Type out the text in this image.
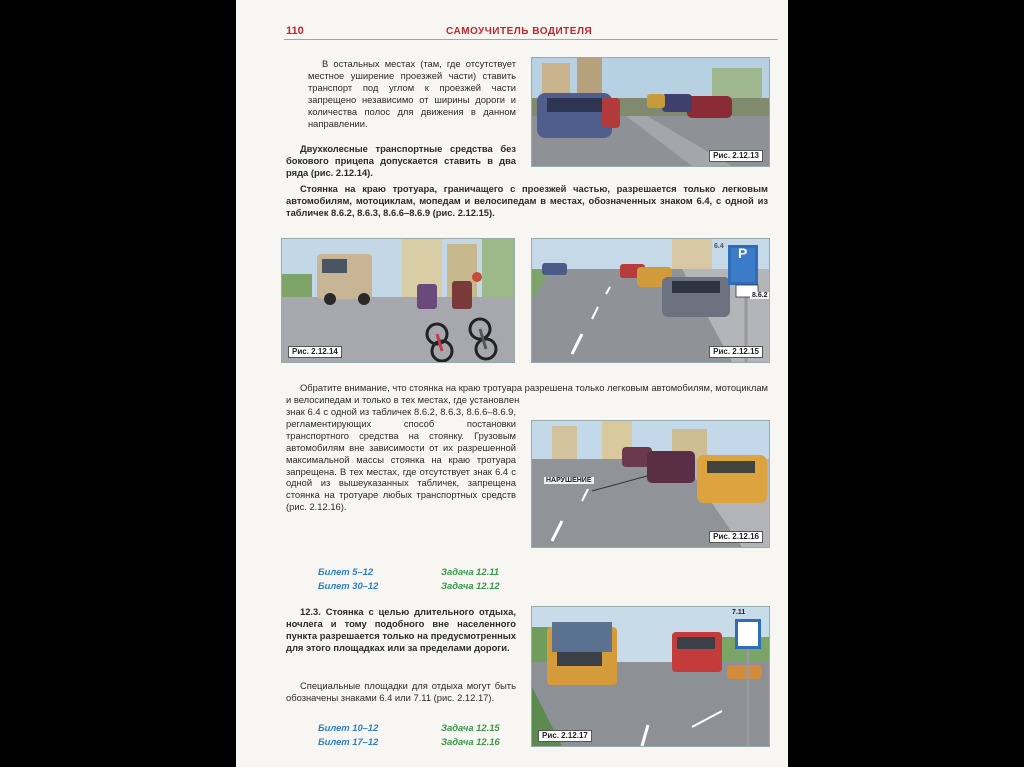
110	САМОУЧИТЕЛЬ ВОДИТЕЛЯ

В остальных местах (там, где отсутствует местное уширение проезжей части) ставить транспорт под углом к проезжей части запрещено независимо от ширины дороги и количества полос для движения в данном направлении.

Двухколесные транспортные средства без бокового прицепа допускается ставить в два ряда (рис. 2.12.14).

Стоянка на краю тротуара, граничащего с проезжей частью, разрешается только легковым автомобилям, мотоциклам, мопедам и велосипедам в местах, обозначенных знаком 6.4, с одной из табличек 8.6.2, 8.6.3, 8.6.6–8.6.9 (рис. 2.12.15).

Рис. 2.12.13
Рис. 2.12.14
6.4 P
8.6.2
Рис. 2.12.15

Обратите внимание, что стоянка на краю тротуара разрешена только легковым автомобилям, мотоциклам и велосипедам и только в тех местах, где установлен

знак 6.4 с одной из табличек 8.6.2, 8.6.3, 8.6.6–8.6.9, регламентирующих способ постановки транспортного средства на стоянку. Грузовым автомобилям вне зависимости от их разрешенной максимальной массы стоянка на краю тротуара запрещена. В тех местах, где отсутствует знак 6.4 с одной из вышеуказанных табличек, запрещена стоянка на тротуаре любых транспортных средств (рис. 2.12.16).

НАРУШЕНИЕ
Рис. 2.12.16
Билет 5–12	Задача 12.11
Билет 30–12	Задача 12.12

12.3. Стоянка с целью длительного отдыха, ночлега и тому подобного вне населенного пункта разрешается только на предусмотренных для этого площадках или за пределами дороги.

Специальные площадки для отдыха могут быть обозначены знаками 6.4 или 7.11 (рис. 2.12.17).

Билет 10–12	Задача 12.15
Билет 17–12	Задача 12.16
7.11
Рис. 2.12.17
